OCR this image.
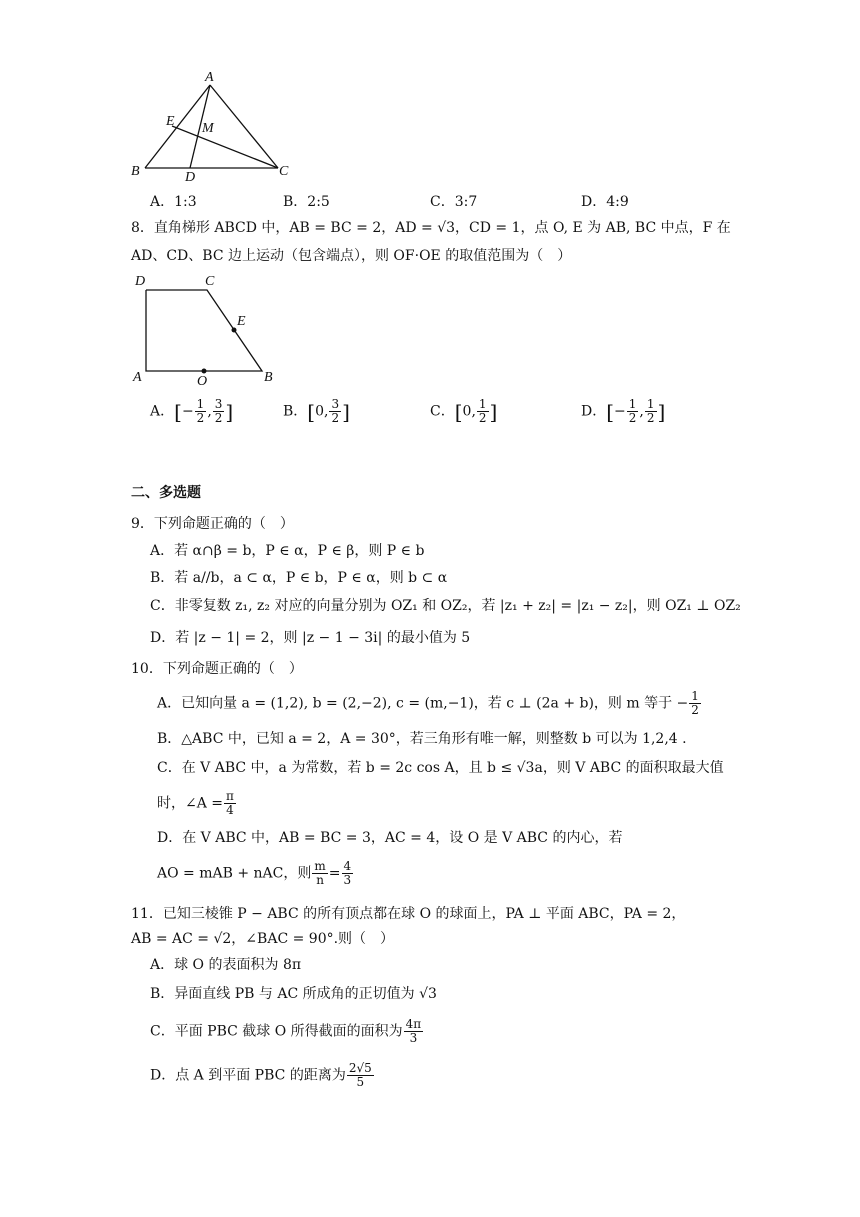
A
E M
B	D	C
A．1:3	B．2:5	C．3:7	D．4:9
8．直角梯形 ABCD 中，AB = BC = 2，AD = √3，CD = 1，点 O, E 为 AB, BC 中点，F 在
AD、CD、BC 边上运动（包含端点），则 OF·OE 的取值范围为（　）
D	C
E
A	O	B
A．[− $\frac{1}{2}$ , $\frac{3}{2}$ ]	B．[0, $\frac{3}{2}$ ]	C．[0, $\frac{1}{2}$ ]	D．[− $\frac{1}{2}$ , $\frac{1}{2}$ ]
二、多选题
9．下列命题正确的（　）
A．若 α∩β = b，P ∈ α，P ∈ β，则 P ∈ b
B．若 a//b，a ⊂ α，P ∈ b，P ∈ α，则 b ⊂ α
C．非零复数 z₁, z₂ 对应的向量分别为 OZ₁ 和 OZ₂，若 |z₁ + z₂| = |z₁ − z₂|，则 OZ₁ ⊥ OZ₂
D．若 |z − 1| = 2，则 |z − 1 − 3i| 的最小值为 5
10．下列命题正确的（　）
A．已知向量 a = (1,2), b = (2,−2), c = (m,−1)，若 c ⊥ (2a + b)，则 m 等于 − $\frac{1}{2}$
B．△ABC 中，已知 a = 2，A = 30°，若三角形有唯一解，则整数 b 可以为 1,2,4 .
C．在 V ABC 中，a 为常数，若 b = 2c cos A，且 b ≤ √3a，则 V ABC 的面积取最大值
时，∠A = $\frac{\pi}{4}$
D．在 V ABC 中，AB = BC = 3，AC = 4，设 O 是 V ABC 的内心，若
AO = mAB + nAC，则 $\frac{m}{n} = \frac{4}{3}$
11．已知三棱锥 P − ABC 的所有顶点都在球 O 的球面上，PA ⊥ 平面 ABC，PA = 2，
AB = AC = √2，∠BAC = 90°.则（　）
A．球 O 的表面积为 8π
B．异面直线 PB 与 AC 所成角的正切值为 √3
C．平面 PBC 截球 O 所得截面的面积为 $\frac{4\pi}{3}$
D．点 A 到平面 PBC 的距离为 $\frac{2√5}{5}$
